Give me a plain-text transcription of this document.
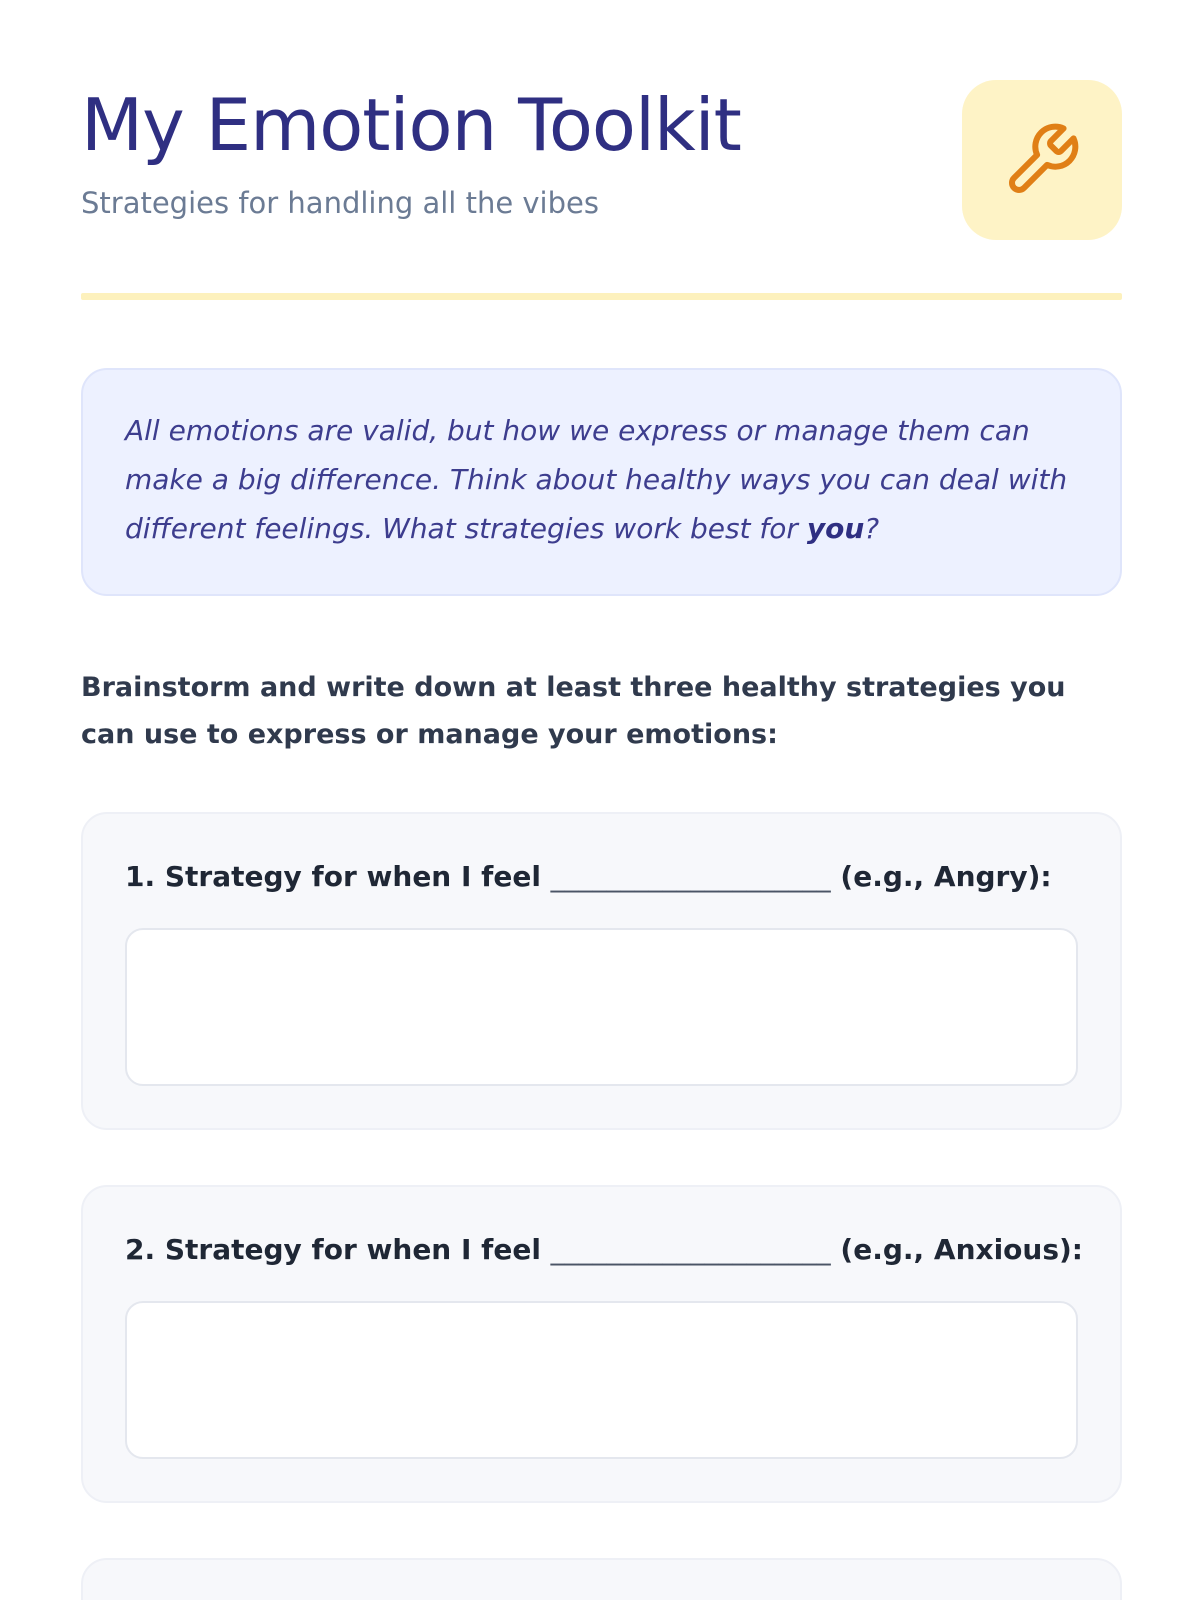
My Emotion Toolkit

Strategies for handling all the vibes

All emotions are valid, but how we express or manage them can make a big difference. Think about healthy ways you can deal with different feelings. What strategies work best for you?

Brainstorm and write down at least three healthy strategies you can use to express or manage your emotions:

1. Strategy for when I feel ____________________ (e.g., Angry):

2. Strategy for when I feel ____________________ (e.g., Anxious):
